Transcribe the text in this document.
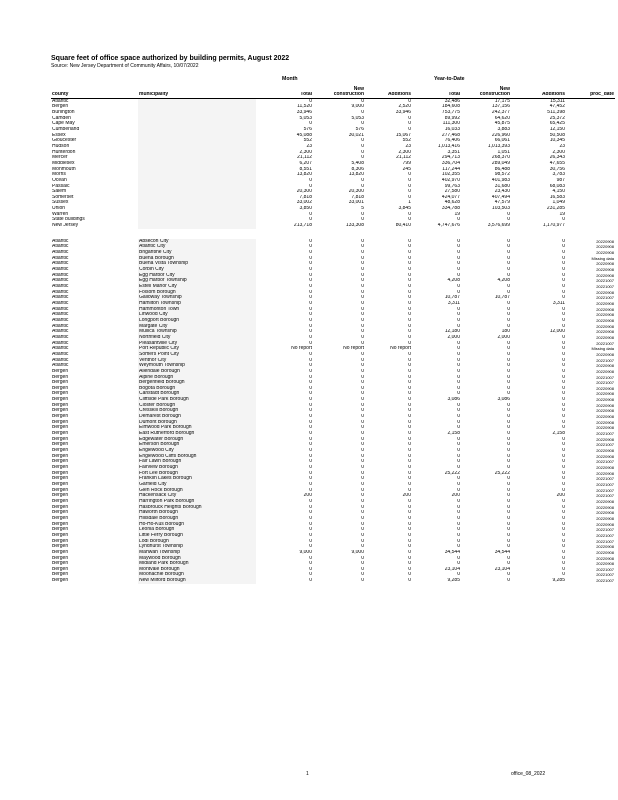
Square feet of office space authorized by building permits, August 2022
Source: New Jersey Department of Community Affairs, 10/07/2022
Month	Year-to-Date
			New			New		
county	municipality	Total	construction	Additions	Total	construction	Additions	proc_date
Atlantic		0	0	0	32,486	17,175	15,311	
Bergen		11,520	9,000	2,520	184,608	137,156	47,452	
Burlington		33,946	0	33,946	753,775	242,377	511,398	
Camden		5,053	5,053	0	89,992	64,620	25,372	
Cape May		0	0	0	111,300	45,875	65,425	
Cumberland		576	576	0	16,033	3,883	12,150	
Essex		45,088	30,021	15,067	277,468	226,960	50,508	
Gloucester		552	0	552	76,406	66,061	10,345	
Hudson		23	0	23	1,013,416	1,013,393	23	
Hunterdon		2,300	0	2,300	3,351	1,051	2,300	
Mercer		21,112	0	21,112	294,713	268,370	26,343	
Middlesex		6,207	5,408	799	336,704	289,049	47,655	
Monmouth		8,551	8,306	245	117,244	86,488	30,756	
Morris		13,820	13,820	0	102,355	98,572	3,783	
Ocean		0	0	0	402,970	401,983	987	
Passaic		0	0	0	99,763	31,680	68,083	
Salem		20,300	20,300	0	27,580	23,430	4,150	
Somerset		7,818	7,818	0	424,077	407,494	16,583	
Sussex		33,002	33,001	1	48,628	47,579	1,049	
Union		3,850	5	3,845	334,788	103,503	231,285	
Warren		0	0	0	19	0	19	
State buildings		0	0	0	0	0	0	
New Jersey		213,718	133,308	80,410	4,747,676	3,576,699	1,170,977	

Atlantic	Absecon City	0	0	0	0	0	0	20220908
Atlantic	Atlantic City	0	0	0	0	0	0	20220908
Atlantic	Brigantine City	0	0	0	0	0	0	20220908
Atlantic	Buena Borough	0	0	0	0	0	0	Missing data
Atlantic	Buena Vista Township	0	0	0	0	0	0	20220908
Atlantic	Corbin City	0	0	0	0	0	0	20220908
Atlantic	Egg Harbor City	0	0	0	0	0	0	20220908
Atlantic	Egg Harbor Township	0	0	0	4,208	4,208	0	20221007
Atlantic	Estell Manor City	0	0	0	0	0	0	20221007
Atlantic	Folsom Borough	0	0	0	0	0	0	20220908
Atlantic	Galloway Township	0	0	0	10,787	10,787	0	20221007
Atlantic	Hamilton Township	0	0	0	3,311	0	3,311	20220908
Atlantic	Hammonton Town	0	0	0	0	0	0	20220908
Atlantic	Linwood City	0	0	0	0	0	0	20220908
Atlantic	Longport Borough	0	0	0	0	0	0	20220908
Atlantic	Margate City	0	0	0	0	0	0	20220908
Atlantic	Mullica Township	0	0	0	12,180	180	12,000	20220908
Atlantic	Northfield City	0	0	0	2,000	2,000	0	20220908
Atlantic	Pleasantville City	0	0	0	0	0	0	20221007
Atlantic	Port Republic City	No report	No report	No report	0	0	0	Missing data
Atlantic	Somers Point City	0	0	0	0	0	0	20220908
Atlantic	Ventnor City	0	0	0	0	0	0	20221007
Atlantic	Weymouth Township	0	0	0	0	0	0	20220908
Bergen	Allendale Borough	0	0	0	0	0	0	20220908
Bergen	Alpine Borough	0	0	0	0	0	0	20221007
Bergen	Bergenfield Borough	0	0	0	0	0	0	20221007
Bergen	Bogota Borough	0	0	0	0	0	0	20220908
Bergen	Carlstadt Borough	0	0	0	0	0	0	20220908
Bergen	Cliffside Park Borough	0	0	0	3,086	3,086	0	20220908
Bergen	Closter Borough	0	0	0	0	0	0	20220908
Bergen	Cresskill Borough	0	0	0	0	0	0	20220908
Bergen	Demarest Borough	0	0	0	0	0	0	20220908
Bergen	Dumont Borough	0	0	0	0	0	0	20220908
Bergen	Elmwood Park Borough	0	0	0	0	0	0	20220908
Bergen	East Rutherford Borough	0	0	0	2,158	0	2,158	20221007
Bergen	Edgewater Borough	0	0	0	0	0	0	20220908
Bergen	Emerson Borough	0	0	0	0	0	0	20221007
Bergen	Englewood City	0	0	0	0	0	0	20220908
Bergen	Englewood Cliffs Borough	0	0	0	0	0	0	20220908
Bergen	Fair Lawn Borough	0	0	0	0	0	0	20221007
Bergen	Fairview Borough	0	0	0	0	0	0	20220908
Bergen	Fort Lee Borough	0	0	0	25,222	25,222	0	20220908
Bergen	Franklin Lakes Borough	0	0	0	0	0	0	20221007
Bergen	Garfield City	0	0	0	0	0	0	20221007
Bergen	Glen Rock Borough	0	0	0	0	0	0	20221007
Bergen	Hackensack City	200	0	200	200	0	200	20221007
Bergen	Harrington Park Borough	0	0	0	0	0	0	20220908
Bergen	Hasbrouck Heights Borough	0	0	0	0	0	0	20220908
Bergen	Haworth Borough	0	0	0	0	0	0	20220908
Bergen	Hillsdale Borough	0	0	0	0	0	0	20220908
Bergen	Ho-Ho-Kus Borough	0	0	0	0	0	0	20220908
Bergen	Leonia Borough	0	0	0	0	0	0	20221007
Bergen	Little Ferry Borough	0	0	0	0	0	0	20221007
Bergen	Lodi Borough	0	0	0	0	0	0	20221007
Bergen	Lyndhurst Township	0	0	0	0	0	0	20220908
Bergen	Mahwah Township	9,000	9,000	0	34,544	34,544	0	20220908
Bergen	Maywood Borough	0	0	0	0	0	0	20220908
Bergen	Midland Park Borough	0	0	0	0	0	0	20220908
Bergen	Montvale Borough	0	0	0	23,104	23,104	0	20221007
Bergen	Moonachie Borough	0	0	0	0	0	0	20221007
Bergen	New Milford Borough	0	0	0	9,285	0	9,285	20221007
1	office_08_2022
